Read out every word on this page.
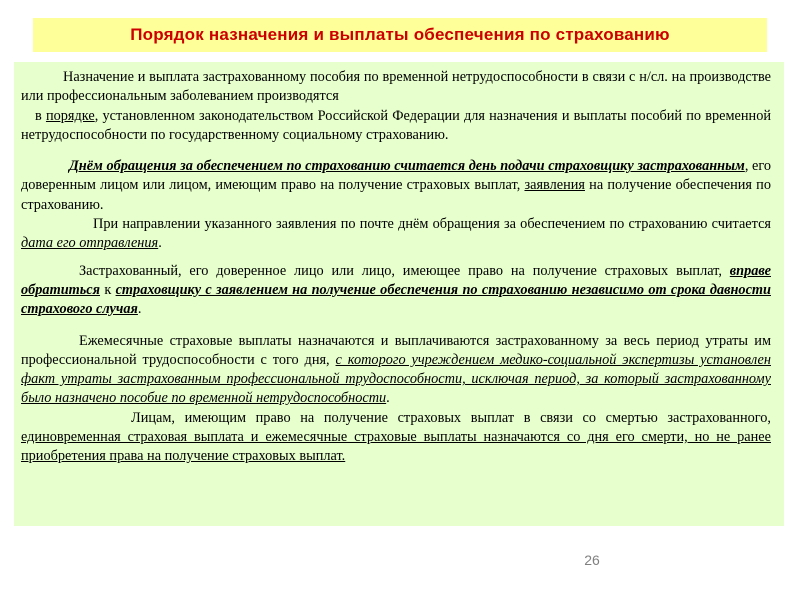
Порядок назначения и выплаты обеспечения по страхованию

Назначение и выплата застрахованному пособия по временной нетрудоспособности в связи с н/сл. на производстве или профессиональным заболеванием производятся

в порядке, установленном законодательством Российской Федерации для назначения и выплаты пособий по временной нетрудоспособности по государственному социальному страхованию.

Днём обращения за обеспечением по страхованию считается день подачи страховщику застрахованным, его доверенным лицом или лицом, имеющим право на получение страховых выплат, заявления на получение обеспечения по страхованию.

При направлении указанного заявления по почте днём обращения за обеспечением по страхованию считается дата его отправления.

Застрахованный, его доверенное лицо или лицо, имеющее право на получение страховых выплат, вправе обратиться к страховщику с заявлением на получение обеспечения по страхованию независимо от срока давности страхового случая.

Ежемесячные страховые выплаты назначаются и выплачиваются застрахованному за весь период утраты им профессиональной трудоспособности с того дня, с которого учреждением медико-социальной экспертизы установлен факт утраты застрахованным профессиональной трудоспособности, исключая период, за который застрахованному было назначено пособие по временной нетрудоспособности.

Лицам, имеющим право на получение страховых выплат в связи со смертью застрахованного, единовременная страховая выплата и ежемесячные страховые выплаты назначаются со дня его смерти, но не ранее приобретения права на получение страховых выплат.

26
